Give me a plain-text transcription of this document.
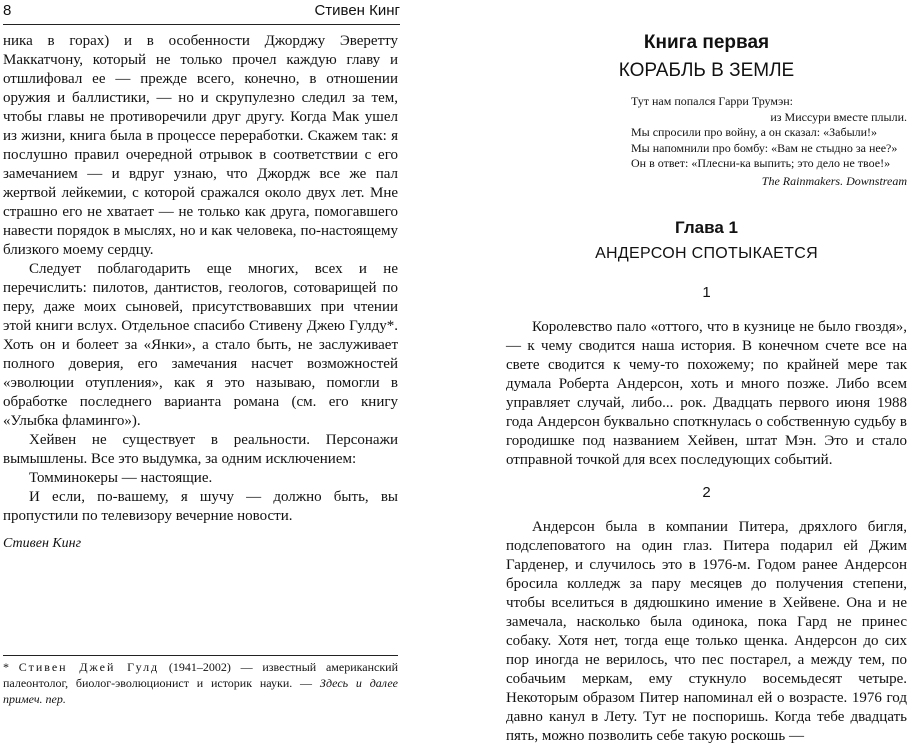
8	Стивен Кинг

ника в горах) и в особенности Джорджу Эверетту Маккатчону, который не только прочел каждую главу и отшлифовал ее — прежде всего, конечно, в отношении оружия и баллистики, — но и скрупулезно следил за тем, чтобы главы не противоречили друг другу. Когда Мак ушел из жизни, книга была в процессе переработки. Скажем так: я послушно правил очередной отрывок в соответствии с его замечанием — и вдруг узнаю, что Джордж все же пал жертвой лейкемии, с которой сражался около двух лет. Мне страшно его не хватает — не только как друга, помогавшего навести порядок в мыслях, но и как человека, по-настоящему близкого моему сердцу.

Следует поблагодарить еще многих, всех и не перечислить: пилотов, дантистов, геологов, сотоварищей по перу, даже моих сыновей, присутствовавших при чтении этой книги вслух. Отдельное спасибо Стивену Джею Гулду*. Хоть он и болеет за «Янки», а стало быть, не заслуживает полного доверия, его замечания насчет возможностей «эволюции отупления», как я это называю, помогли в обработке последнего варианта романа (см. его книгу «Улыбка фламинго»).

Хейвен не существует в реальности. Персонажи вымышлены. Все это выдумка, за одним исключением:

Томминокеры — настоящие.

И если, по-вашему, я шучу — должно быть, вы пропустили по телевизору вечерние новости.

Стивен Кинг

* Стивен Джей Гулд (1941–2002) — известный американский палеонтолог, биолог-эволюционист и историк науки. — Здесь и далее примеч. пер.
Книга первая
КОРАБЛЬ В ЗЕМЛЕ
Тут нам попался Гарри Трумэн:
из Миссури вместе плыли.
Мы спросили про войну, а он сказал: «Забыли!»
Мы напомнили про бомбу: «Вам не стыдно за нее?»
Он в ответ: «Плесни-ка выпить; это дело не твое!»
The Rainmakers. Downstream
Глава 1
АНДЕРСОН СПОТЫКАЕТСЯ
1

Королевство пало «оттого, что в кузнице не было гвоздя», — к чему сводится наша история. В конечном счете все на свете сводится к чему-то похожему; по крайней мере так думала Роберта Андерсон, хоть и много позже. Либо всем управляет случай, либо... рок. Двадцать первого июня 1988 года Андерсон буквально споткнулась о собственную судьбу в городишке под названием Хейвен, штат Мэн. Это и стало отправной точкой для всех последующих событий.

2

Андерсон была в компании Питера, дряхлого бигля, подслеповатого на один глаз. Питера подарил ей Джим Гарденер, и случилось это в 1976-м. Годом ранее Андерсон бросила колледж за пару месяцев до получения степени, чтобы вселиться в дядюшкино имение в Хейвене. Она и не замечала, насколько была одинока, пока Гард не принес собаку. Хотя нет, тогда еще только щенка. Андерсон до сих пор иногда не верилось, что пес постарел, а между тем, по собачьим меркам, ему стукнуло восемьдесят четыре. Некоторым образом Питер напоминал ей о возрасте. 1976 год давно канул в Лету. Тут не поспоришь. Когда тебе двадцать пять, можно позволить себе такую роскошь —
